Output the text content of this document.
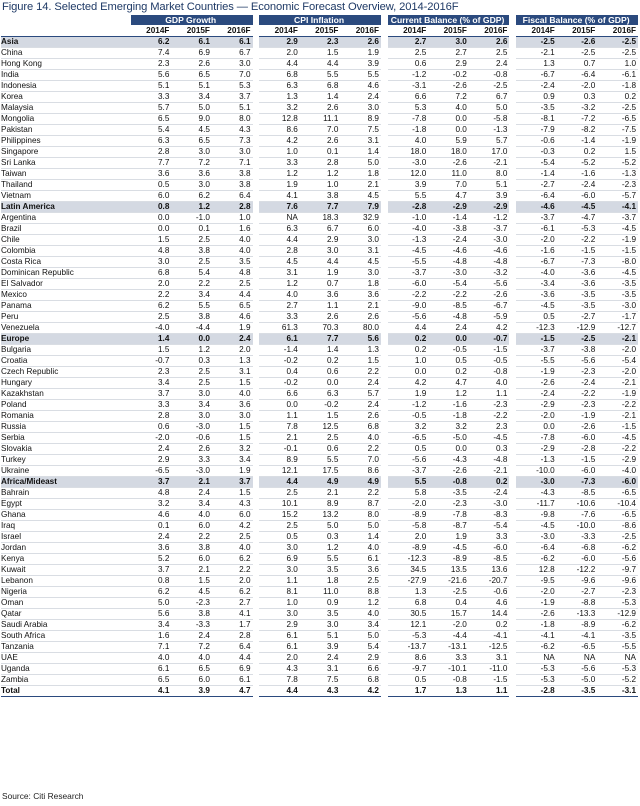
Figure 14. Selected Emerging Market Countries — Economic Forecast Overview, 2014-2016F
	GDP Growth				CPI Inflation				Current Balance (% of GDP)				Fiscal Balance (% of GDP)		
	2014F	2015F	2016F		2014F	2015F	2016F		2014F	2015F	2016F		2014F	2015F	2016F
Asia	6.2	6.1	6.1		2.9	2.3	2.6		2.7	3.0	2.6		-2.5	-2.6	-2.5
China	7.4	6.9	6.7		2.0	1.5	1.9		2.5	2.7	2.5		-2.1	-2.5	-2.5
Hong Kong	2.3	2.6	3.0		4.4	4.4	3.9		0.6	2.9	2.4		1.3	0.7	1.0
India	5.6	6.5	7.0		6.8	5.5	5.5		-1.2	-0.2	-0.8		-6.7	-6.4	-6.1
Indonesia	5.1	5.1	5.3		6.3	6.8	4.6		-3.1	-2.6	-2.5		-2.4	-2.0	-1.8
Korea	3.3	3.4	3.7		1.3	1.4	2.4		6.6	7.2	6.7		0.9	0.3	0.2
Malaysia	5.7	5.0	5.1		3.2	2.6	3.0		5.3	4.0	5.0		-3.5	-3.2	-2.5
Mongolia	6.5	9.0	8.0		12.8	11.1	8.9		-7.8	0.0	-5.8		-8.1	-7.2	-6.5
Pakistan	5.4	4.5	4.3		8.6	7.0	7.5		-1.8	0.0	-1.3		-7.9	-8.2	-7.5
Philippines	6.3	6.5	7.3		4.2	2.6	3.1		4.0	5.9	5.7		-0.6	-1.4	-1.9
Singapore	2.8	3.0	3.0		1.0	0.1	1.4		18.0	18.0	17.0		-0.3	0.2	1.5
Sri Lanka	7.7	7.2	7.1		3.3	2.8	5.0		-3.0	-2.6	-2.1		-5.4	-5.2	-5.2
Taiwan	3.6	3.6	3.8		1.2	1.2	1.8		12.0	11.0	8.0		-1.4	-1.6	-1.3
Thailand	0.5	3.0	3.8		1.9	1.0	2.1		3.9	7.0	5.1		-2.7	-2.4	-2.3
Vietnam	6.0	6.2	6.4		4.1	3.8	4.5		5.5	4.7	3.9		-6.4	-6.0	-5.7
Latin America	0.8	1.2	2.8		7.6	7.7	7.9		-2.8	-2.9	-2.9		-4.6	-4.5	-4.1
Argentina	0.0	-1.0	1.0		NA	18.3	32.9		-1.0	-1.4	-1.2		-3.7	-4.7	-3.7
Brazil	0.0	0.1	1.6		6.3	6.7	6.0		-4.0	-3.8	-3.7		-6.1	-5.3	-4.5
Chile	1.5	2.5	4.0		4.4	2.9	3.0		-1.3	-2.4	-3.0		-2.0	-2.2	-1.9
Colombia	4.8	3.8	4.0		2.8	3.0	3.1		-4.5	-4.6	-4.6		-1.6	-1.5	-1.5
Costa Rica	3.0	2.5	3.5		4.5	4.4	4.5		-5.5	-4.8	-4.8		-6.7	-7.3	-8.0
Dominican Republic	6.8	5.4	4.8		3.1	1.9	3.0		-3.7	-3.0	-3.2		-4.0	-3.6	-4.5
El Salvador	2.0	2.2	2.5		1.2	0.7	1.8		-6.0	-5.4	-5.6		-3.4	-3.6	-3.5
Mexico	2.2	3.4	4.4		4.0	3.6	3.6		-2.2	-2.2	-2.6		-3.6	-3.5	-3.5
Panama	6.2	5.5	6.5		2.7	1.1	2.1		-9.0	-8.5	-6.7		-4.5	-3.5	-3.0
Peru	2.5	3.8	4.6		3.3	2.6	2.6		-5.6	-4.8	-5.9		0.5	-2.7	-1.7
Venezuela	-4.0	-4.4	1.9		61.3	70.3	80.0		4.4	2.4	4.2		-12.3	-12.9	-12.7
Europe	1.4	0.0	2.4		6.1	7.7	5.6		0.2	0.0	-0.7		-1.5	-2.5	-2.1
Bulgaria	1.5	1.2	2.0		-1.4	1.4	1.3		0.2	-0.5	-1.5		-3.7	-3.8	-2.0
Croatia	-0.7	0.3	1.3		-0.2	0.2	1.5		1.0	0.5	-0.5		-5.5	-5.6	-5.4
Czech Republic	2.3	2.5	3.1		0.4	0.6	2.2		0.0	0.2	-0.8		-1.9	-2.3	-2.0
Hungary	3.4	2.5	1.5		-0.2	0.0	2.4		4.2	4.7	4.0		-2.6	-2.4	-2.1
Kazakhstan	3.7	3.0	4.0		6.6	6.3	5.7		1.9	1.2	1.1		-2.4	-2.2	-1.9
Poland	3.3	3.4	3.6		0.0	-0.2	2.4		-1.2	-1.6	-2.3		-2.9	-2.3	-2.2
Romania	2.8	3.0	3.0		1.1	1.5	2.6		-0.5	-1.8	-2.2		-2.0	-1.9	-2.1
Russia	0.6	-3.0	1.5		7.8	12.5	6.8		3.2	3.2	2.3		0.0	-2.6	-1.5
Serbia	-2.0	-0.6	1.5		2.1	2.5	4.0		-6.5	-5.0	-4.5		-7.8	-6.0	-4.5
Slovakia	2.4	2.6	3.2		-0.1	0.6	2.2		0.5	0.0	0.3		-2.9	-2.8	-2.2
Turkey	2.9	3.3	3.4		8.9	5.5	7.0		-5.6	-4.3	-4.8		-1.3	-1.5	-2.9
Ukraine	-6.5	-3.0	1.9		12.1	17.5	8.6		-3.7	-2.6	-2.1		-10.0	-6.0	-4.0
Africa/Mideast	3.7	2.1	3.7		4.4	4.9	4.9		5.5	-0.8	0.2		-3.0	-7.3	-6.0
Bahrain	4.8	2.4	1.5		2.5	2.1	2.2		5.8	-3.5	-2.4		-4.3	-8.5	-6.5
Egypt	3.2	3.4	4.3		10.1	8.9	8.7		-2.0	-2.3	-3.0		-11.7	-10.6	-10.4
Ghana	4.6	4.0	6.0		15.2	13.2	8.0		-8.9	-7.8	-8.3		-9.8	-7.6	-6.5
Iraq	0.1	6.0	4.2		2.5	5.0	5.0		-5.8	-8.7	-5.4		-4.5	-10.0	-8.6
Israel	2.4	2.2	2.5		0.5	0.3	1.4		2.0	1.9	3.3		-3.0	-3.3	-2.5
Jordan	3.6	3.8	4.0		3.0	1.2	4.0		-8.9	-4.5	-6.0		-6.4	-6.8	-6.2
Kenya	5.2	6.0	6.2		6.9	5.5	6.1		-12.3	-8.9	-8.5		-6.2	-6.0	-5.6
Kuwait	3.7	2.1	2.2		3.0	3.5	3.6		34.5	13.5	13.6		12.8	-12.2	-9.7
Lebanon	0.8	1.5	2.0		1.1	1.8	2.5		-27.9	-21.6	-20.7		-9.5	-9.6	-9.6
Nigeria	6.2	4.5	6.2		8.1	11.0	8.8		1.3	-2.5	-0.6		-2.0	-2.7	-2.3
Oman	5.0	-2.3	2.7		1.0	0.9	1.2		6.8	0.4	4.6		-1.9	-8.8	-5.3
Qatar	5.6	3.8	4.1		3.0	3.5	4.0		30.5	15.7	14.4		-2.6	-13.3	-12.9
Saudi Arabia	3.4	-3.3	1.7		2.9	3.0	3.4		12.1	-2.0	0.2		-1.8	-8.9	-6.2
South Africa	1.6	2.4	2.8		6.1	5.1	5.0		-5.3	-4.4	-4.1		-4.1	-4.1	-3.5
Tanzania	7.1	7.2	6.4		6.1	3.9	5.4		-13.7	-13.1	-12.5		-6.2	-6.5	-5.5
UAE	4.0	4.0	4.4		2.0	2.4	2.9		8.6	3.3	3.1		NA	NA	NA
Uganda	6.1	6.5	6.9		4.3	3.1	6.6		-9.7	-10.1	-11.0		-5.3	-5.6	-5.3
Zambia	6.5	6.0	6.1		7.8	7.5	6.8		0.5	-0.8	-1.5		-5.3	-5.0	-5.2
Total	4.1	3.9	4.7		4.4	4.3	4.2		1.7	1.3	1.1		-2.8	-3.5	-3.1
Source: Citi Research
